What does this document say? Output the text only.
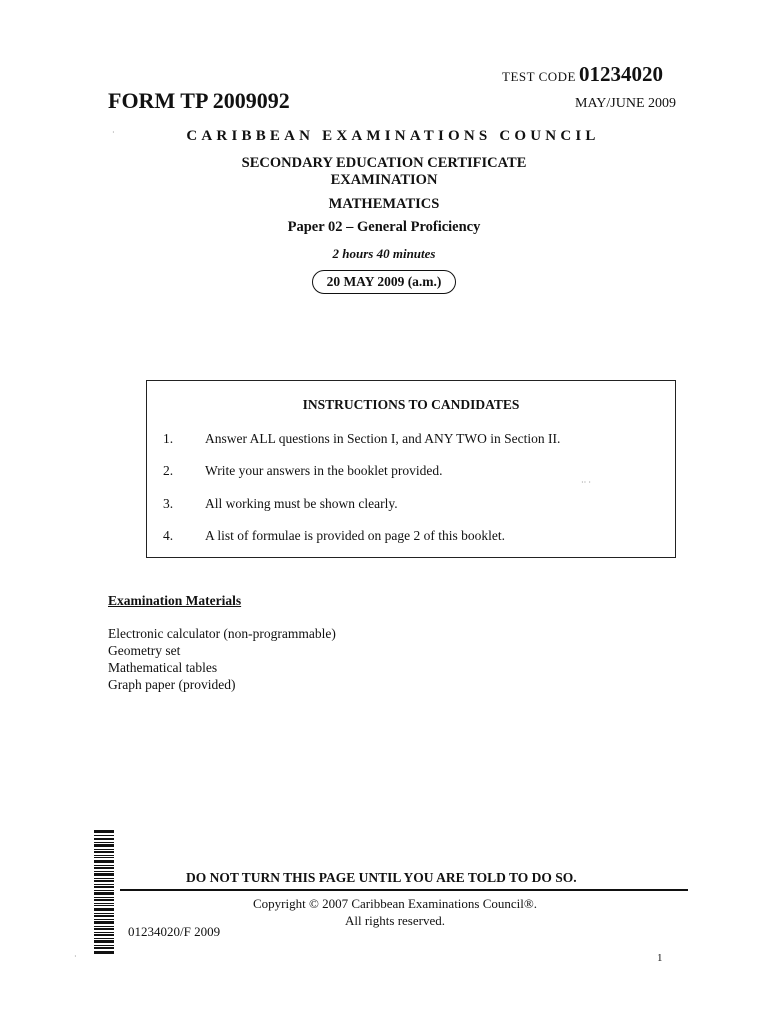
TEST CODE 01234020
FORM TP 2009092	MAY/JUNE 2009
CARIBBEAN EXAMINATIONS COUNCIL
SECONDARY EDUCATION CERTIFICATE
EXAMINATION
MATHEMATICS
Paper 02 – General Proficiency
2 hours 40 minutes
20 MAY 2009 (a.m.)
INSTRUCTIONS TO CANDIDATES
1. Answer ALL questions in Section I, and ANY TWO in Section II.
2. Write your answers in the booklet provided.
3. All working must be shown clearly.
4. A list of formulae is provided on page 2 of this booklet.
·· ·
Examination Materials
Electronic calculator (non-programmable)
Geometry set
Mathematical tables
Graph paper (provided)
DO NOT TURN THIS PAGE UNTIL YOU ARE TOLD TO DO SO.
Copyright © 2007 Caribbean Examinations Council®.
All rights reserved.
01234020/F 2009
1
·
·
